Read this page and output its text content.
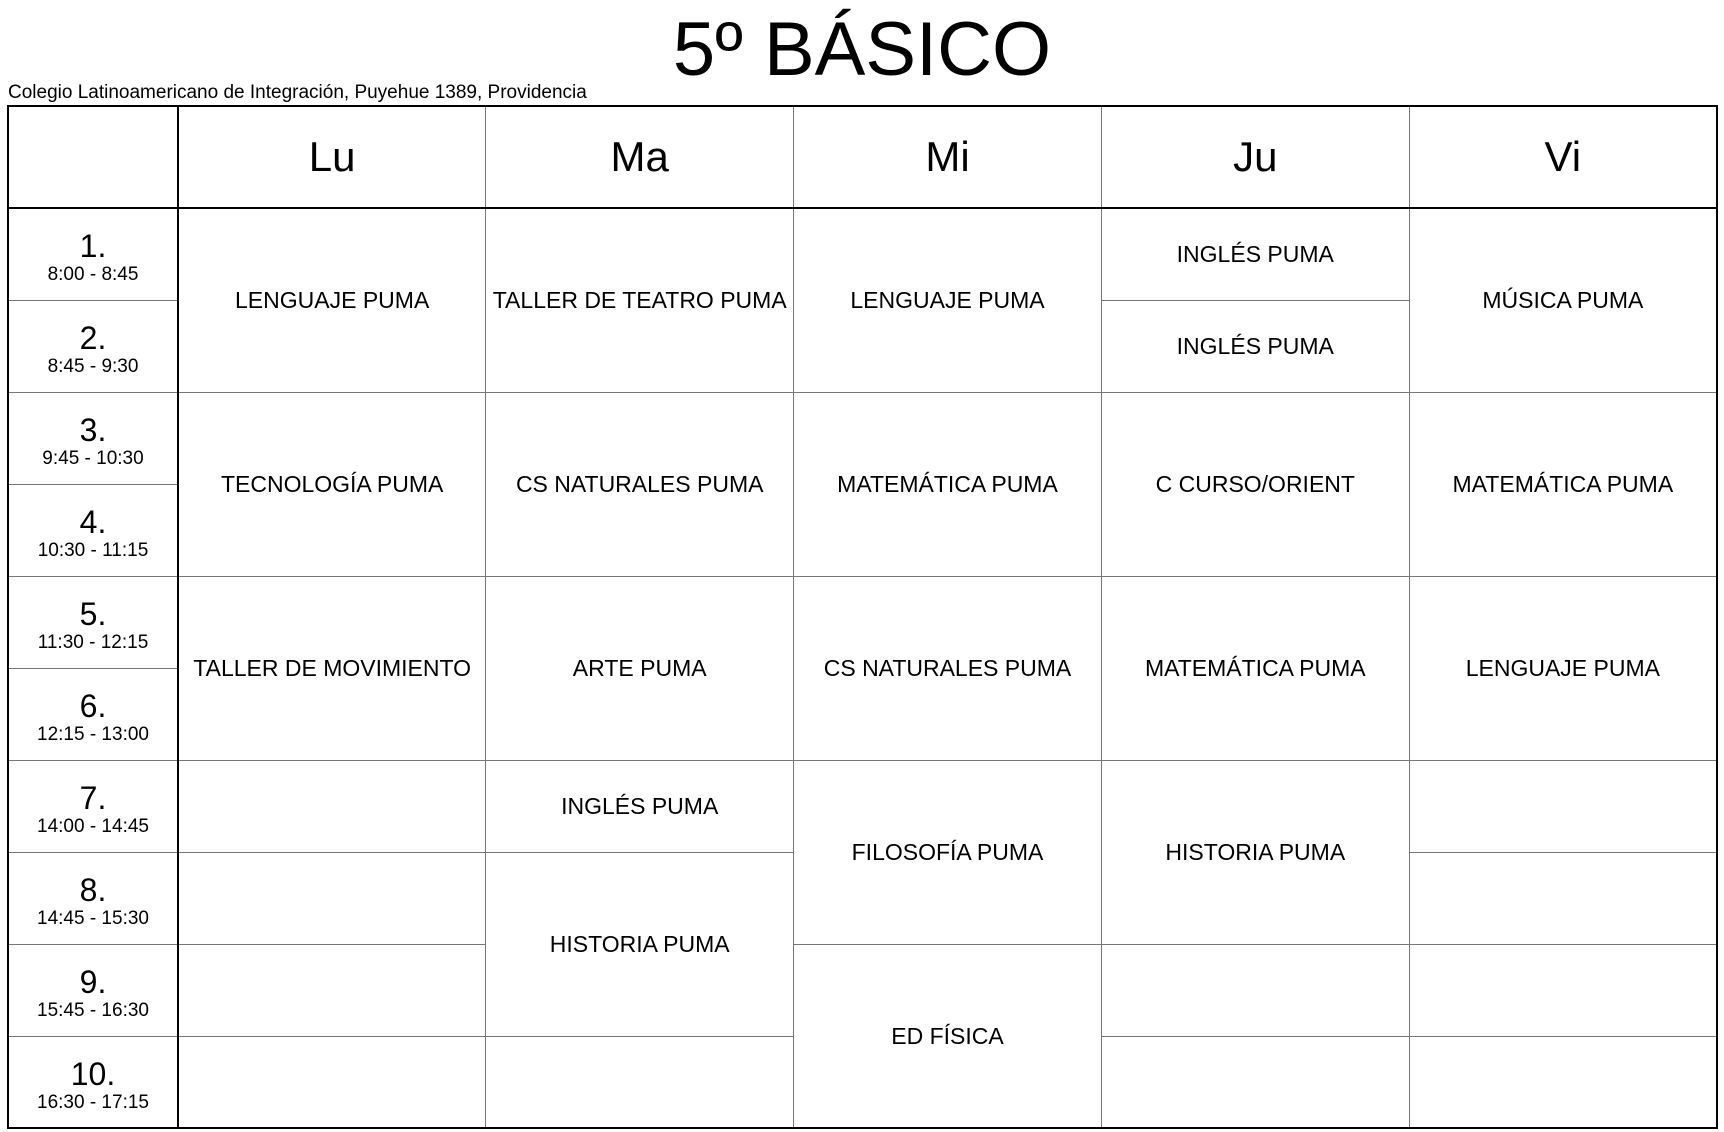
5º BÁSICO
Colegio Latinoamericano de Integración, Puyehue 1389, Providencia
	Lu	Ma	Mi	Ju	Vi

1.
8:00 - 8:45	LENGUAJE PUMA	TALLER DE TEATRO PUMA	LENGUAJE PUMA	INGLÉS PUMA	MÚSICA PUMA

2.
8:45 - 9:30				INGLÉS PUMA	

3.
9:45 - 10:30	TECNOLOGÍA PUMA	CS NATURALES PUMA	MATEMÁTICA PUMA	C CURSO/ORIENT	MATEMÁTICA PUMA

4.
10:30 - 11:15					

5.
11:30 - 12:15	TALLER DE MOVIMIENTO	ARTE PUMA	CS NATURALES PUMA	MATEMÁTICA PUMA	LENGUAJE PUMA

6.
12:15 - 13:00					

7.
14:00 - 14:45		INGLÉS PUMA	FILOSOFÍA PUMA	HISTORIA PUMA	

8.
14:45 - 15:30		HISTORIA PUMA			

9.
15:45 - 16:30			ED FÍSICA		

10.
16:30 - 17:15					
